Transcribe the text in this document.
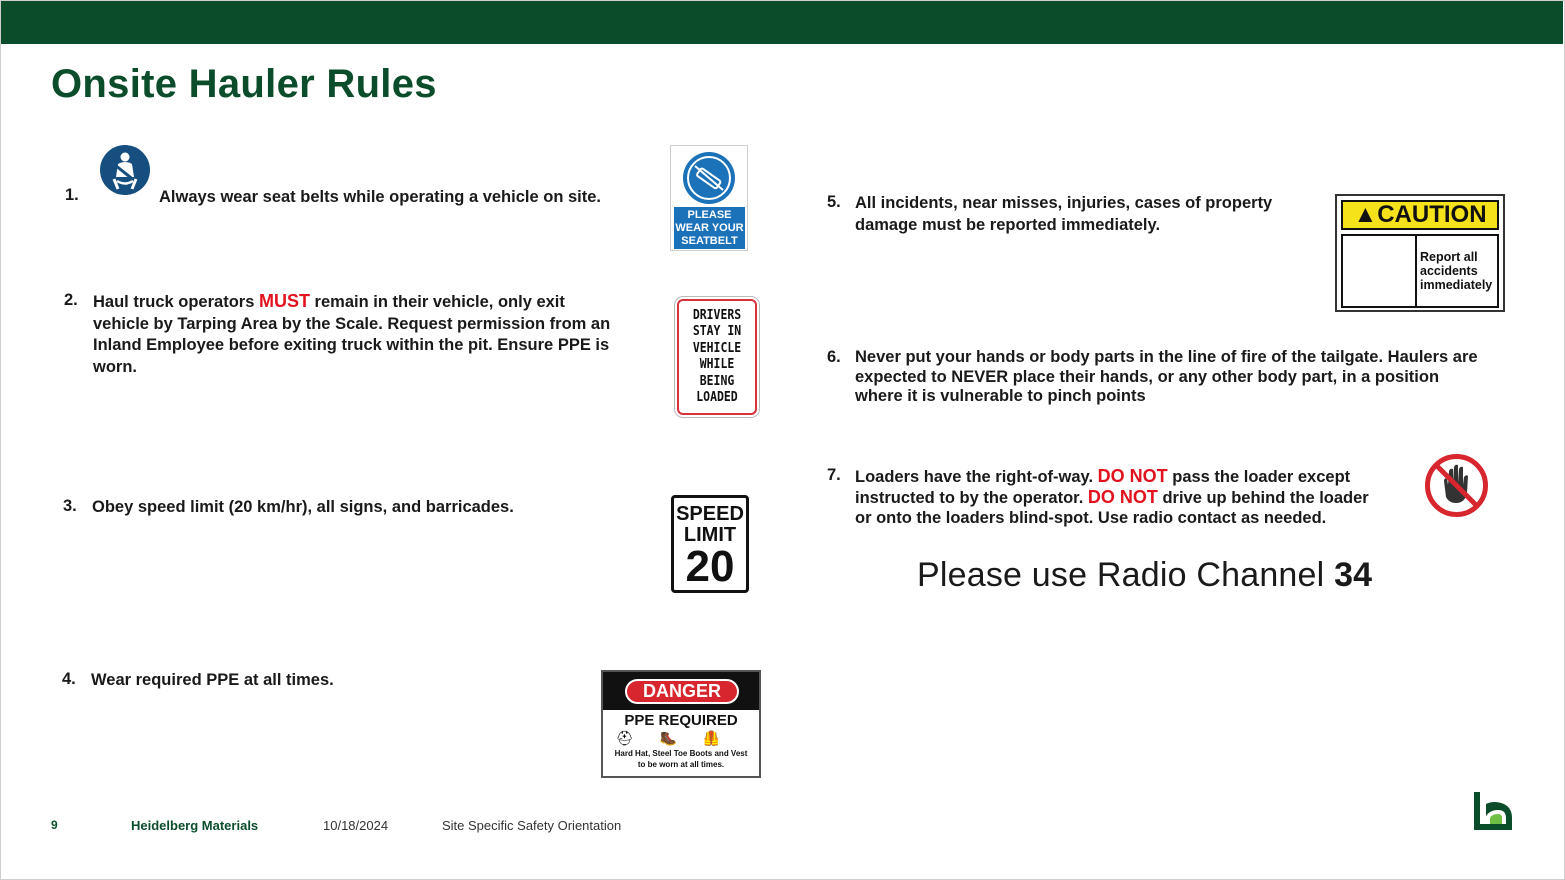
Onsite Hauler Rules
1.	Always wear seat belts while operating a vehicle on site.
PLEASE
WEAR YOUR
SEATBELT
2. Haul truck operators MUST remain in their vehicle, only exit
vehicle by Tarping Area by the Scale. Request permission from an
Inland Employee before exiting truck within the pit. Ensure PPE is
worn.
DRIVERS
STAY IN
VEHICLE
WHILE
BEING
LOADED
3. Obey speed limit (20 km/hr), all signs, and barricades.	SPEED
LIMIT
20
4. Wear required PPE at all times.
DANGER
PPE REQUIRED
⛑🥾🦺
Hard Hat, Steel Toe Boots and Vest
to be worn at all times.
5. All incidents, near misses, injuries, cases of property
damage must be reported immediately.	▲CAUTION
Report all
accidents
immediately
6. Never put your hands or body parts in the line of fire of the tailgate. Haulers are
expected to NEVER place their hands, or any other body part, in a position
where it is vulnerable to pinch points
7. Loaders have the right-of-way. DO NOT pass the loader except
instructed to by the operator. DO NOT drive up behind the loader
or onto the loaders blind-spot. Use radio contact as needed.
Please use Radio Channel 34
9	Heidelberg Materials	10/18/2024	Site Specific Safety Orientation
